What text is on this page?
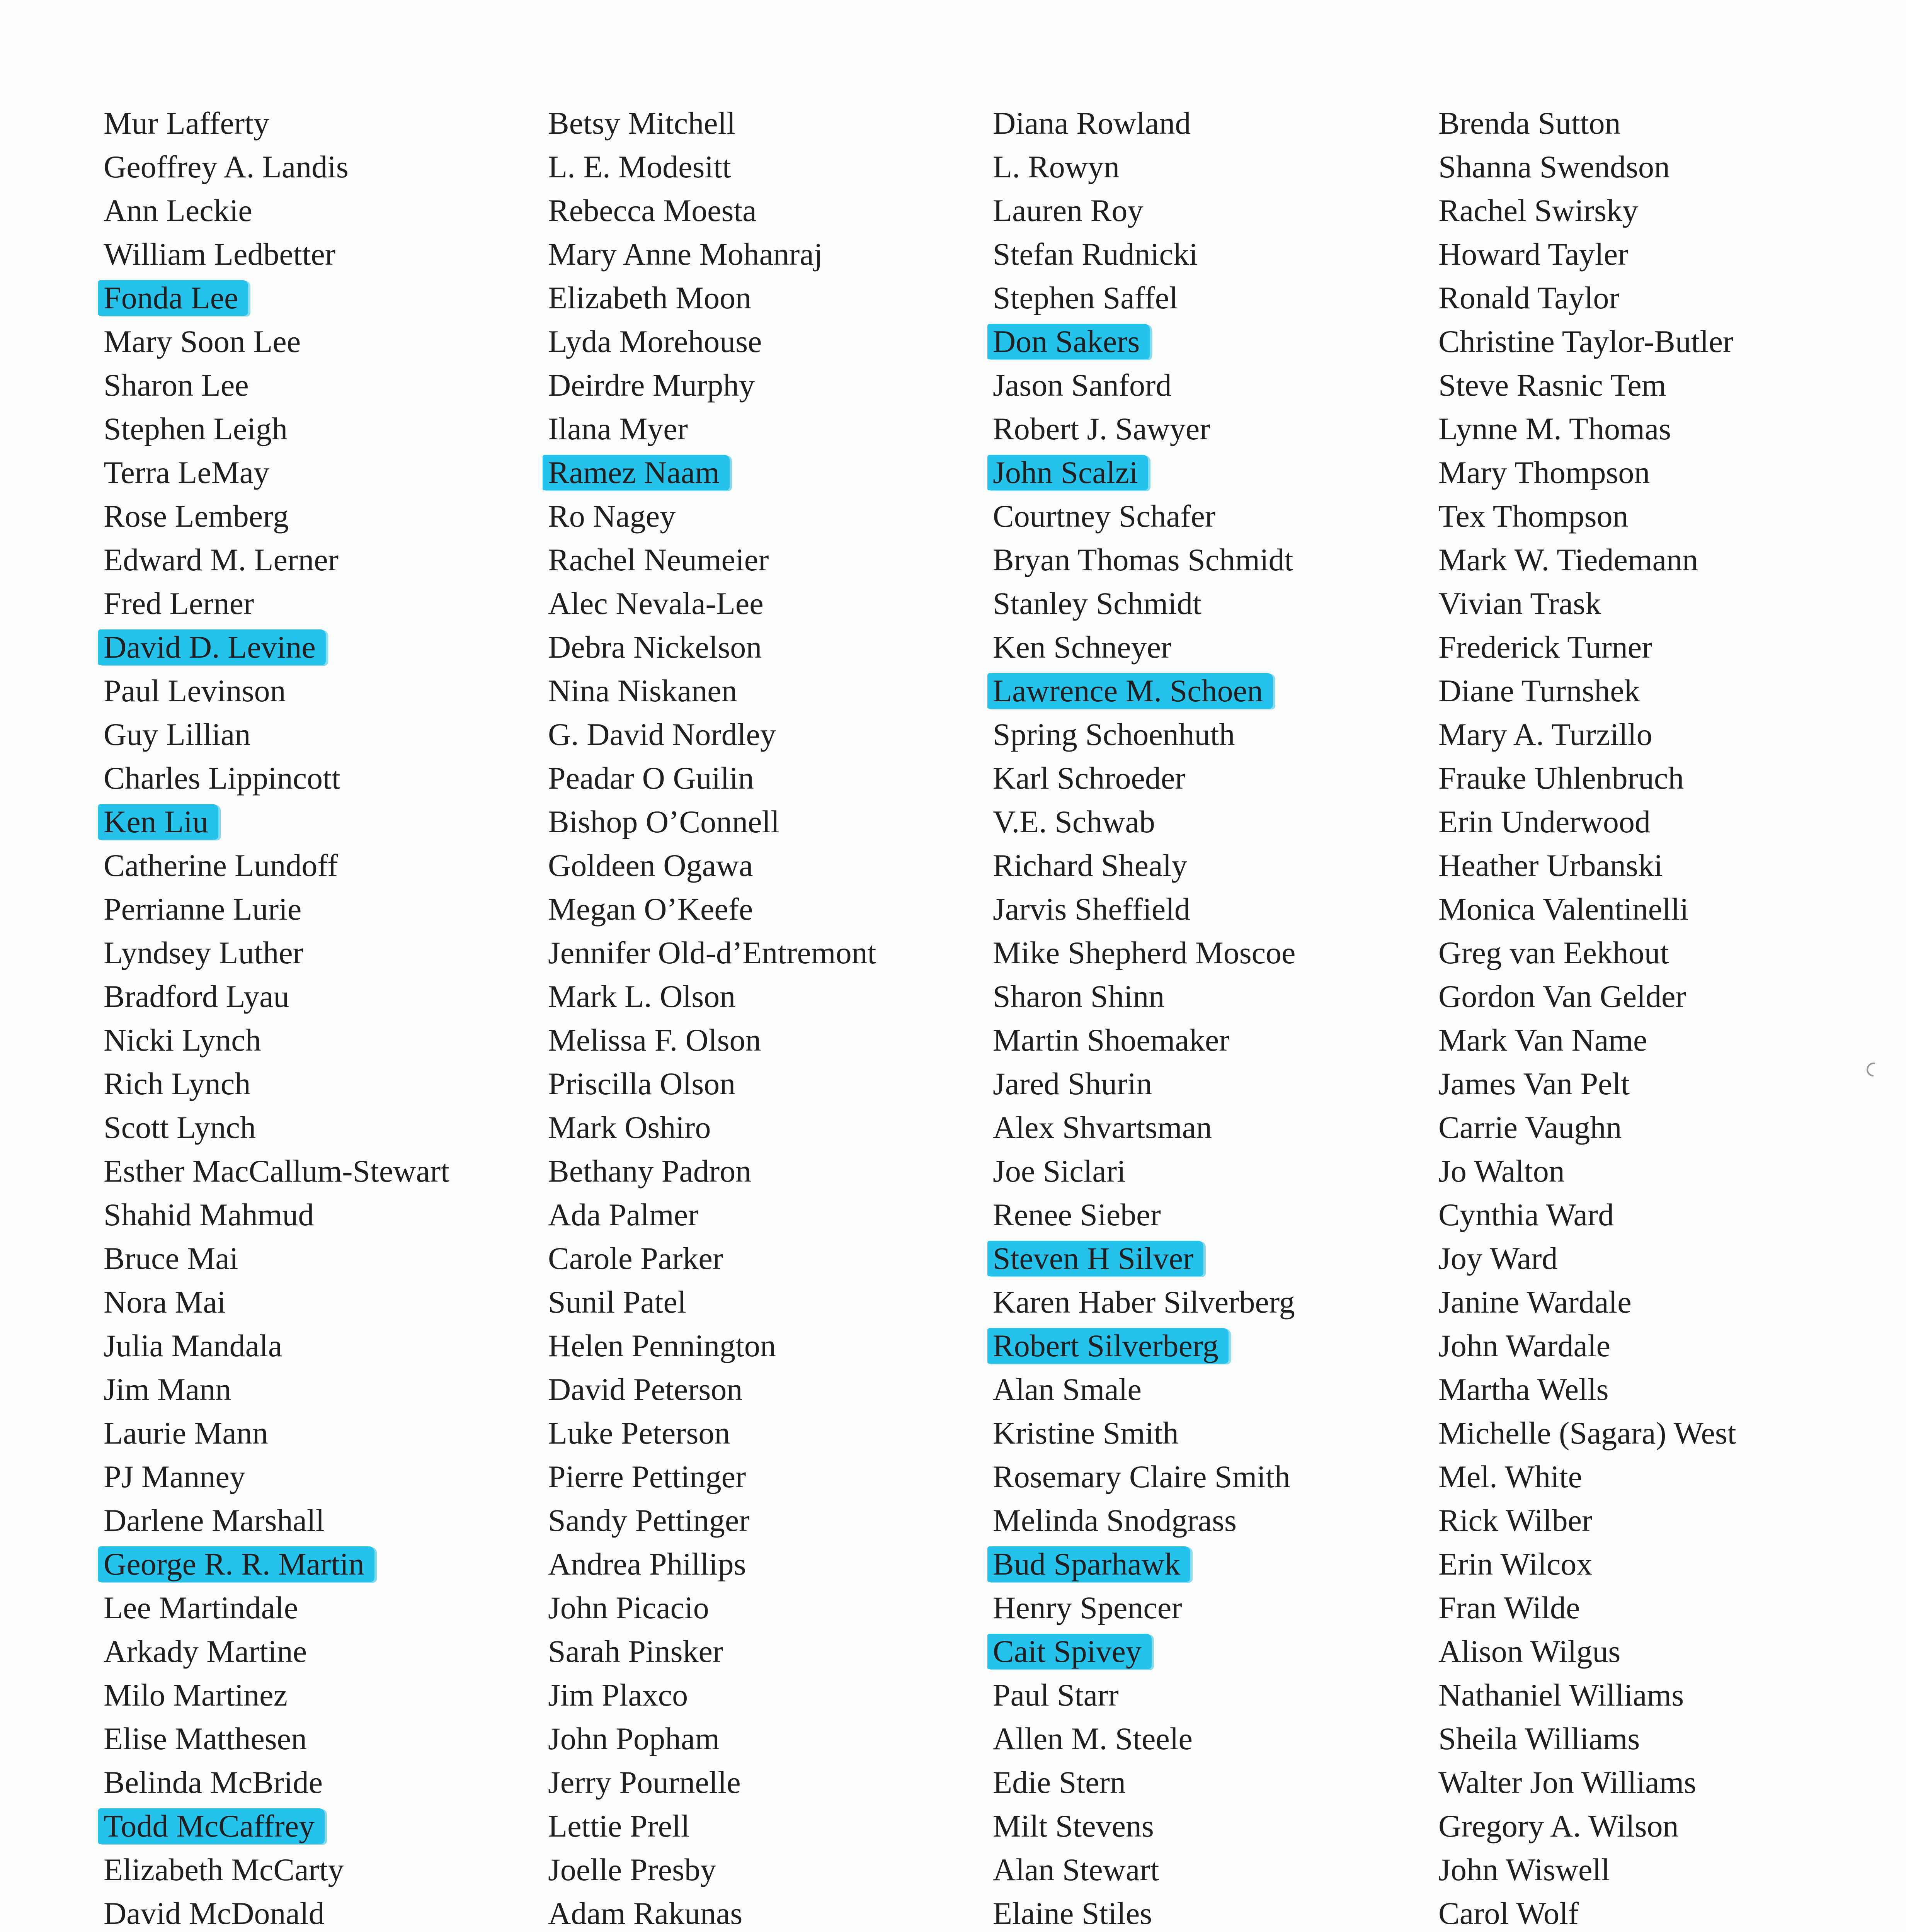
Mur Lafferty
Geoffrey A. Landis
Ann Leckie
William Ledbetter
Fonda Lee
Mary Soon Lee
Sharon Lee
Stephen Leigh
Terra LeMay
Rose Lemberg
Edward M. Lerner
Fred Lerner
David D. Levine
Paul Levinson
Guy Lillian
Charles Lippincott
Ken Liu
Catherine Lundoff
Perrianne Lurie
Lyndsey Luther
Bradford Lyau
Nicki Lynch
Rich Lynch
Scott Lynch
Esther MacCallum-Stewart
Shahid Mahmud
Bruce Mai
Nora Mai
Julia Mandala
Jim Mann
Laurie Mann
PJ Manney
Darlene Marshall
George R. R. Martin
Lee Martindale
Arkady Martine
Milo Martinez
Elise Matthesen
Belinda McBride
Todd McCaffrey
Elizabeth McCarty
David McDonald
Betsy Mitchell
L. E. Modesitt
Rebecca Moesta
Mary Anne Mohanraj
Elizabeth Moon
Lyda Morehouse
Deirdre Murphy
Ilana Myer
Ramez Naam
Ro Nagey
Rachel Neumeier
Alec Nevala-Lee
Debra Nickelson
Nina Niskanen
G. David Nordley
Peadar O Guilin
Bishop O’Connell
Goldeen Ogawa
Megan O’Keefe
Jennifer Old-d’Entremont
Mark L. Olson
Melissa F. Olson
Priscilla Olson
Mark Oshiro
Bethany Padron
Ada Palmer
Carole Parker
Sunil Patel
Helen Pennington
David Peterson
Luke Peterson
Pierre Pettinger
Sandy Pettinger
Andrea Phillips
John Picacio
Sarah Pinsker
Jim Plaxco
John Popham
Jerry Pournelle
Lettie Prell
Joelle Presby
Adam Rakunas
Diana Rowland
L. Rowyn
Lauren Roy
Stefan Rudnicki
Stephen Saffel
Don Sakers
Jason Sanford
Robert J. Sawyer
John Scalzi
Courtney Schafer
Bryan Thomas Schmidt
Stanley Schmidt
Ken Schneyer
Lawrence M. Schoen
Spring Schoenhuth
Karl Schroeder
V.E. Schwab
Richard Shealy
Jarvis Sheffield
Mike Shepherd Moscoe
Sharon Shinn
Martin Shoemaker
Jared Shurin
Alex Shvartsman
Joe Siclari
Renee Sieber
Steven H Silver
Karen Haber Silverberg
Robert Silverberg
Alan Smale
Kristine Smith
Rosemary Claire Smith
Melinda Snodgrass
Bud Sparhawk
Henry Spencer
Cait Spivey
Paul Starr
Allen M. Steele
Edie Stern
Milt Stevens
Alan Stewart
Elaine Stiles
Brenda Sutton
Shanna Swendson
Rachel Swirsky
Howard Tayler
Ronald Taylor
Christine Taylor-Butler
Steve Rasnic Tem
Lynne M. Thomas
Mary Thompson
Tex Thompson
Mark W. Tiedemann
Vivian Trask
Frederick Turner
Diane Turnshek
Mary A. Turzillo
Frauke Uhlenbruch
Erin Underwood
Heather Urbanski
Monica Valentinelli
Greg van Eekhout
Gordon Van Gelder
Mark Van Name
James Van Pelt
Carrie Vaughn
Jo Walton
Cynthia Ward
Joy Ward
Janine Wardale
John Wardale
Martha Wells
Michelle (Sagara) West
Mel. White
Rick Wilber
Erin Wilcox
Fran Wilde
Alison Wilgus
Nathaniel Williams
Sheila Williams
Walter Jon Williams
Gregory A. Wilson
John Wiswell
Carol Wolf
